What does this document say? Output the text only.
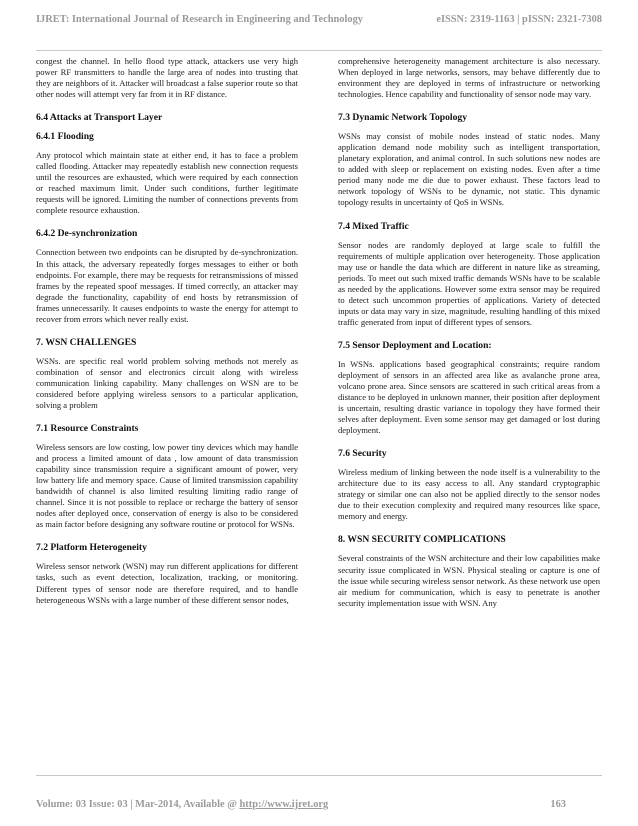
IJRET: International Journal of Research in Engineering and Technology	eISSN: 2319-1163 | pISSN: 2321-7308

congest the channel. In hello flood type attack, attackers use very high power RF transmitters to handle the large area of nodes into trusting that they are neighbors of it. Attacker will broadcast a false superior route so that other nodes will attempt very far from it in RF distance.

6.4 Attacks at Transport Layer
6.4.1 Flooding

Any protocol which maintain state at either end, it has to face a problem called flooding. Attacker may repeatedly establish new connection requests until the resources are exhausted, which were required by each connection or reached maximum limit. Under such conditions, further legitimate requests will be ignored. Limiting the number of connections prevents from complete resource exhaustion.

6.4.2 De-synchronization

Connection between two endpoints can be disrupted by de-synchronization. In this attack, the adversary repeatedly forges messages to either or both endpoints. For example, there may be requests for retransmissions of missed frames by the repeated spoof messages. If timed correctly, an attacker may degrade the functionality, capability of end hosts by retransmission of frames unnecessarily. It causes endpoints to waste the energy for attempt to recover from errors which never really exist.

7. WSN CHALLENGES

WSNs. are specific real world problem solving methods not merely as combination of sensor and electronics circuit along with wireless communication linking capability. Many challenges on WSN are to be considered before applying wireless sensors to a particular application, solving a problem

7.1 Resource Constraints

Wireless sensors are low costing, low power tiny devices which may handle and process a limited amount of data , low amount of data transmission capability since transmission require a significant amount of power, very low battery life and memory space. Cause of limited transmission capability bandwidth of channel is also limited resulting limiting radio range of channel. Since it is not possible to replace or recharge the battery of sensor nodes after deployed once, conservation of energy is also to be considered as main factor before designing any software routine or protocol for WSNs.

7.2 Platform Heterogeneity

Wireless sensor network (WSN) may run different applications for different tasks, such as event detection, localization, tracking, or monitoring. Different types of sensor node are therefore required, and to handle heterogeneous WSNs with a large number of these different sensor nodes,

comprehensive heterogeneity management architecture is also necessary. When deployed in large networks, sensors, may behave differently due to environment they are deployed in terms of infrastructure or networking technologies. Hence capability and functionality of sensor node may vary.

7.3 Dynamic Network Topology

WSNs may consist of mobile nodes instead of static nodes. Many application demand node mobility such as intelligent transportation, planetary exploration, and animal control. In such solutions new nodes are to added with sleep or replacement on existing nodes. Even after a time period many node me die due to power exhaust. These factors lead to network topology of WSNs to be dynamic, not static. This dynamic topology results in uncertainty of QoS in WSNs.

7.4 Mixed Traffic

Sensor nodes are randomly deployed at large scale to fulfill the requirements of multiple application over heterogeneity. Those application may use or handle the data which are different in nature like as streaming, periods. To meet out such mixed traffic demands WSNs have to be scalable as needed by the applications. However some extra sensor may be required to detect such uncommon properties of applications. Variety of detected inputs or data may vary in size, magnitude, resulting handling of this mixed traffic generated from input of different types of sensors.

7.5 Sensor Deployment and Location:

In WSNs. applications based geographical constraints; require random deployment of sensors in an affected area like as avalanche prone area, volcano prone area. Since sensors are scattered in such critical areas from a distance to be deployed in unknown manner, their position after deployment is uncertain, resulting drastic variance in topology they have formed their selves after deployment. Even some sensor may get damaged or lost during deployment.

7.6 Security

Wireless medium of linking between the node itself is a vulnerability to the architecture due to its easy access to all. Any standard cryptographic strategy or similar one can also not be applied directly to the sensor nodes due to their execution complexity and required many resources like space, memory and energy.

8. WSN SECURITY COMPLICATIONS

Several constraints of the WSN architecture and their low capabilities make security issue complicated in WSN. Physical stealing or capture is one of the issue while securing wireless sensor network. As these network use open air medium for communication, which is easy to penetrate is another security implementation issue with WSN. Any

Volume: 03 Issue: 03 | Mar-2014, Available @ http://www.ijret.org	163
